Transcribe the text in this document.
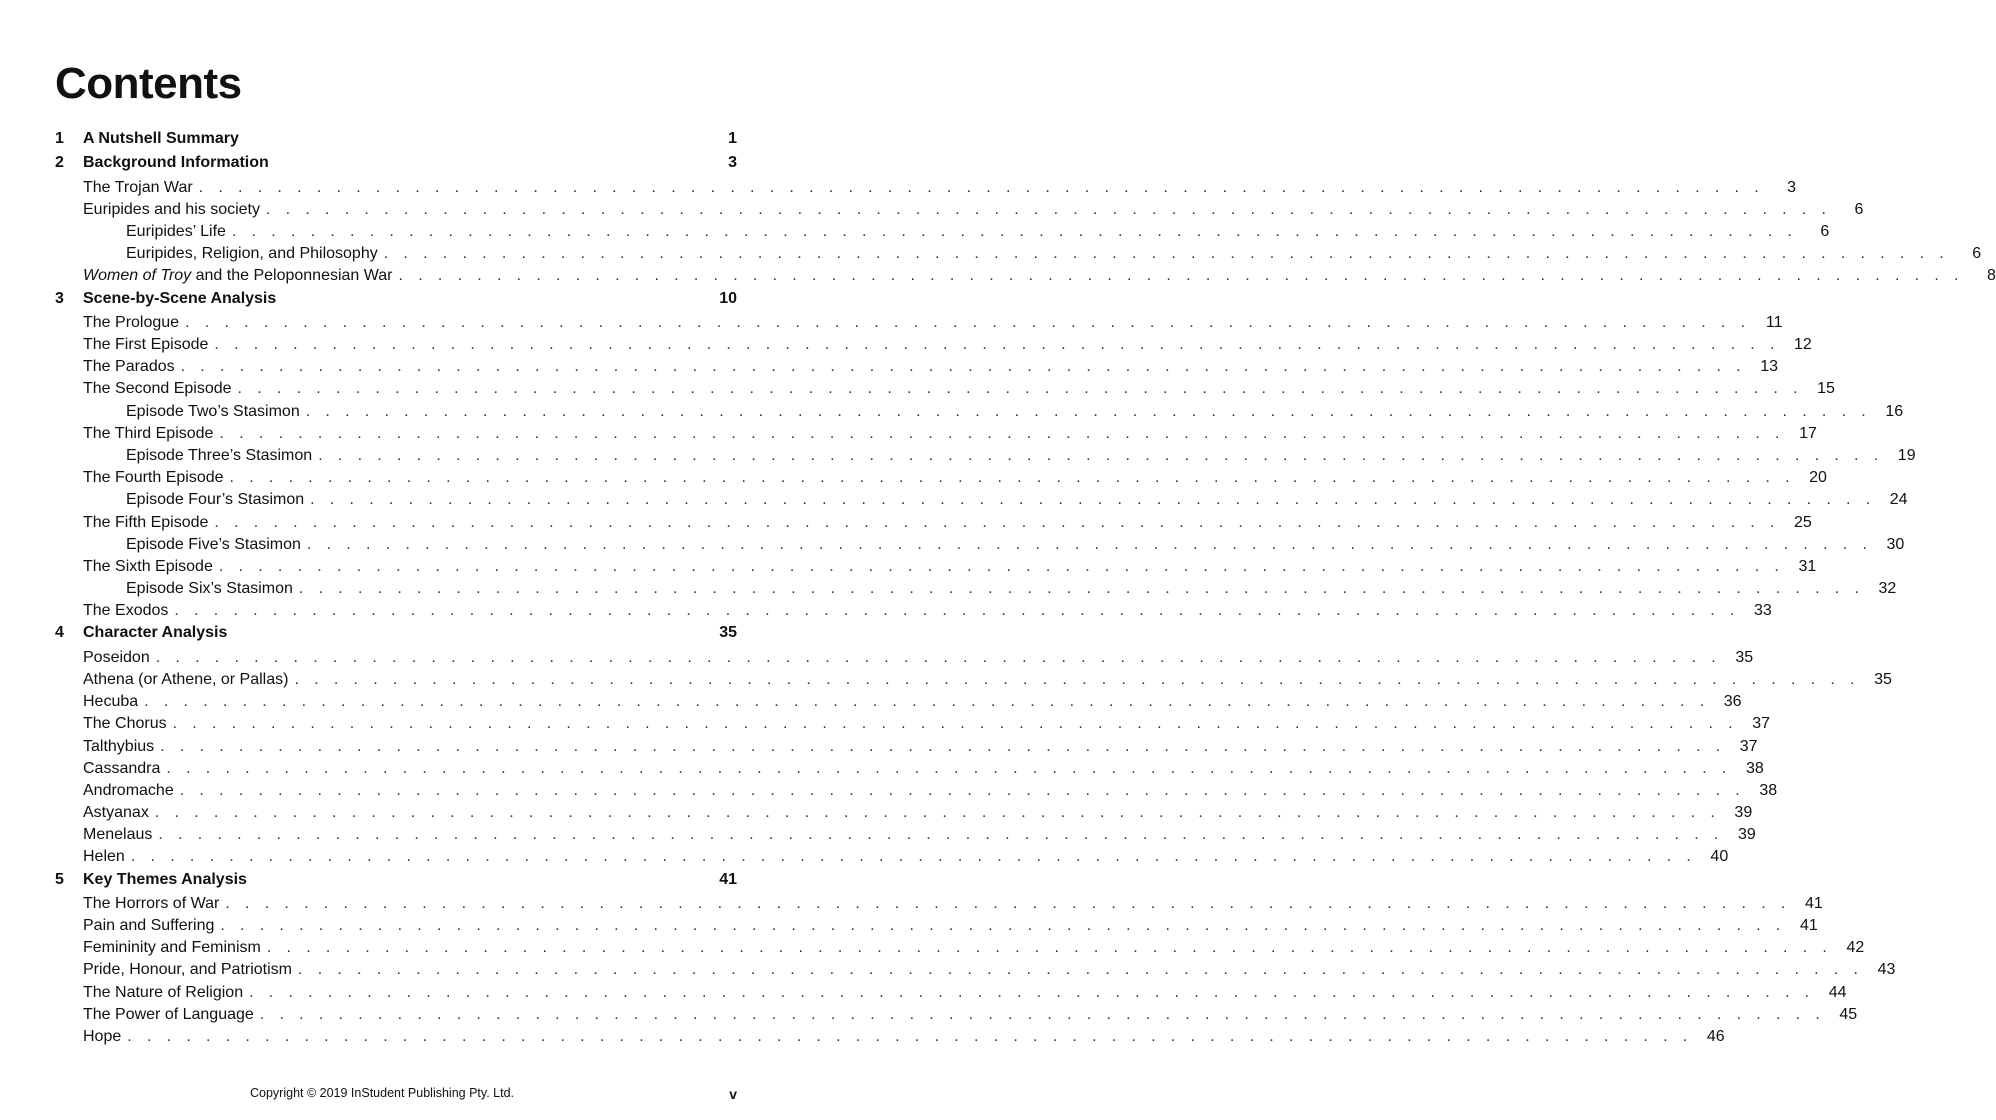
Contents
1	A Nutshell Summary	1
2	Background Information	3
The Trojan War . . . . . . . . . . . . . . . . . . . . . . . . . . . . . . . . . . . . . . . . . . . . . . . . . . . . . . . . . . . . . . . . . . . . . . . . . . . . . . . .	3
Euripides and his society . . . . . . . . . . . . . . . . . . . . . . . . . . . . . . . . . . . . . . . . . . . . . . . . . . . . . . . . . . . . . . . . . . . . . . . . . . . . . . . .	6
Euripides’ Life . . . . . . . . . . . . . . . . . . . . . . . . . . . . . . . . . . . . . . . . . . . . . . . . . . . . . . . . . . . . . . . . . . . . . . . . . . . . . . . .	6
Euripides, Religion, and Philosophy . . . . . . . . . . . . . . . . . . . . . . . . . . . . . . . . . . . . . . . . . . . . . . . . . . . . . . . . . . . . . . . . . . . . . . . . . . . . . . . .	6
Women of Troy and the Peloponnesian War . . . . . . . . . . . . . . . . . . . . . . . . . . . . . . . . . . . . . . . . . . . . . . . . . . . . . . . . . . . . . . . . . . . . . . . . . . . . . . . .	8
3	Scene-by-Scene Analysis	10
The Prologue . . . . . . . . . . . . . . . . . . . . . . . . . . . . . . . . . . . . . . . . . . . . . . . . . . . . . . . . . . . . . . . . . . . . . . . . . . . . . . . . 11
The First Episode . . . . . . . . . . . . . . . . . . . . . . . . . . . . . . . . . . . . . . . . . . . . . . . . . . . . . . . . . . . . . . . . . . . . . . . . . . . . . . . . 12
The Parados . . . . . . . . . . . . . . . . . . . . . . . . . . . . . . . . . . . . . . . . . . . . . . . . . . . . . . . . . . . . . . . . . . . . . . . . . . . . . . . . 13
The Second Episode . . . . . . . . . . . . . . . . . . . . . . . . . . . . . . . . . . . . . . . . . . . . . . . . . . . . . . . . . . . . . . . . . . . . . . . . . . . . . . . . 15
Episode Two’s Stasimon . . . . . . . . . . . . . . . . . . . . . . . . . . . . . . . . . . . . . . . . . . . . . . . . . . . . . . . . . . . . . . . . . . . . . . . . . . . . . . . . 16
The Third Episode . . . . . . . . . . . . . . . . . . . . . . . . . . . . . . . . . . . . . . . . . . . . . . . . . . . . . . . . . . . . . . . . . . . . . . . . . . . . . . . . 17
Episode Three’s Stasimon . . . . . . . . . . . . . . . . . . . . . . . . . . . . . . . . . . . . . . . . . . . . . . . . . . . . . . . . . . . . . . . . . . . . . . . . . . . . . . . . 19
The Fourth Episode . . . . . . . . . . . . . . . . . . . . . . . . . . . . . . . . . . . . . . . . . . . . . . . . . . . . . . . . . . . . . . . . . . . . . . . . . . . . . . . . 20
Episode Four’s Stasimon . . . . . . . . . . . . . . . . . . . . . . . . . . . . . . . . . . . . . . . . . . . . . . . . . . . . . . . . . . . . . . . . . . . . . . . . . . . . . . . . 24
The Fifth Episode . . . . . . . . . . . . . . . . . . . . . . . . . . . . . . . . . . . . . . . . . . . . . . . . . . . . . . . . . . . . . . . . . . . . . . . . . . . . . . . . 25
Episode Five’s Stasimon . . . . . . . . . . . . . . . . . . . . . . . . . . . . . . . . . . . . . . . . . . . . . . . . . . . . . . . . . . . . . . . . . . . . . . . . . . . . . . . . 30
The Sixth Episode . . . . . . . . . . . . . . . . . . . . . . . . . . . . . . . . . . . . . . . . . . . . . . . . . . . . . . . . . . . . . . . . . . . . . . . . . . . . . . . . 31
Episode Six’s Stasimon . . . . . . . . . . . . . . . . . . . . . . . . . . . . . . . . . . . . . . . . . . . . . . . . . . . . . . . . . . . . . . . . . . . . . . . . . . . . . . . . 32
The Exodos . . . . . . . . . . . . . . . . . . . . . . . . . . . . . . . . . . . . . . . . . . . . . . . . . . . . . . . . . . . . . . . . . . . . . . . . . . . . . . . . 33
4	Character Analysis	35
Poseidon . . . . . . . . . . . . . . . . . . . . . . . . . . . . . . . . . . . . . . . . . . . . . . . . . . . . . . . . . . . . . . . . . . . . . . . . . . . . . . . . 35
Athena (or Athene, or Pallas) . . . . . . . . . . . . . . . . . . . . . . . . . . . . . . . . . . . . . . . . . . . . . . . . . . . . . . . . . . . . . . . . . . . . . . . . . . . . . . . . 35
Hecuba . . . . . . . . . . . . . . . . . . . . . . . . . . . . . . . . . . . . . . . . . . . . . . . . . . . . . . . . . . . . . . . . . . . . . . . . . . . . . . . . 36
The Chorus . . . . . . . . . . . . . . . . . . . . . . . . . . . . . . . . . . . . . . . . . . . . . . . . . . . . . . . . . . . . . . . . . . . . . . . . . . . . . . . . 37
Talthybius . . . . . . . . . . . . . . . . . . . . . . . . . . . . . . . . . . . . . . . . . . . . . . . . . . . . . . . . . . . . . . . . . . . . . . . . . . . . . . . . 37
Cassandra . . . . . . . . . . . . . . . . . . . . . . . . . . . . . . . . . . . . . . . . . . . . . . . . . . . . . . . . . . . . . . . . . . . . . . . . . . . . . . . . 38
Andromache . . . . . . . . . . . . . . . . . . . . . . . . . . . . . . . . . . . . . . . . . . . . . . . . . . . . . . . . . . . . . . . . . . . . . . . . . . . . . . . . 38
Astyanax . . . . . . . . . . . . . . . . . . . . . . . . . . . . . . . . . . . . . . . . . . . . . . . . . . . . . . . . . . . . . . . . . . . . . . . . . . . . . . . . 39
Menelaus . . . . . . . . . . . . . . . . . . . . . . . . . . . . . . . . . . . . . . . . . . . . . . . . . . . . . . . . . . . . . . . . . . . . . . . . . . . . . . . . 39
Helen . . . . . . . . . . . . . . . . . . . . . . . . . . . . . . . . . . . . . . . . . . . . . . . . . . . . . . . . . . . . . . . . . . . . . . . . . . . . . . . . 40
5	Key Themes Analysis	41
The Horrors of War . . . . . . . . . . . . . . . . . . . . . . . . . . . . . . . . . . . . . . . . . . . . . . . . . . . . . . . . . . . . . . . . . . . . . . . . . . . . . . . . 41
Pain and Suffering . . . . . . . . . . . . . . . . . . . . . . . . . . . . . . . . . . . . . . . . . . . . . . . . . . . . . . . . . . . . . . . . . . . . . . . . . . . . . . . . 41
Femininity and Feminism . . . . . . . . . . . . . . . . . . . . . . . . . . . . . . . . . . . . . . . . . . . . . . . . . . . . . . . . . . . . . . . . . . . . . . . . . . . . . . . . 42
Pride, Honour, and Patriotism . . . . . . . . . . . . . . . . . . . . . . . . . . . . . . . . . . . . . . . . . . . . . . . . . . . . . . . . . . . . . . . . . . . . . . . . . . . . . . . . 43
The Nature of Religion . . . . . . . . . . . . . . . . . . . . . . . . . . . . . . . . . . . . . . . . . . . . . . . . . . . . . . . . . . . . . . . . . . . . . . . . . . . . . . . . 44
The Power of Language . . . . . . . . . . . . . . . . . . . . . . . . . . . . . . . . . . . . . . . . . . . . . . . . . . . . . . . . . . . . . . . . . . . . . . . . . . . . . . . . 45
Hope . . . . . . . . . . . . . . . . . . . . . . . . . . . . . . . . . . . . . . . . . . . . . . . . . . . . . . . . . . . . . . . . . . . . . . . . . . . . . . . . 46
Copyright © 2019 InStudent Publishing Pty. Ltd.	v
